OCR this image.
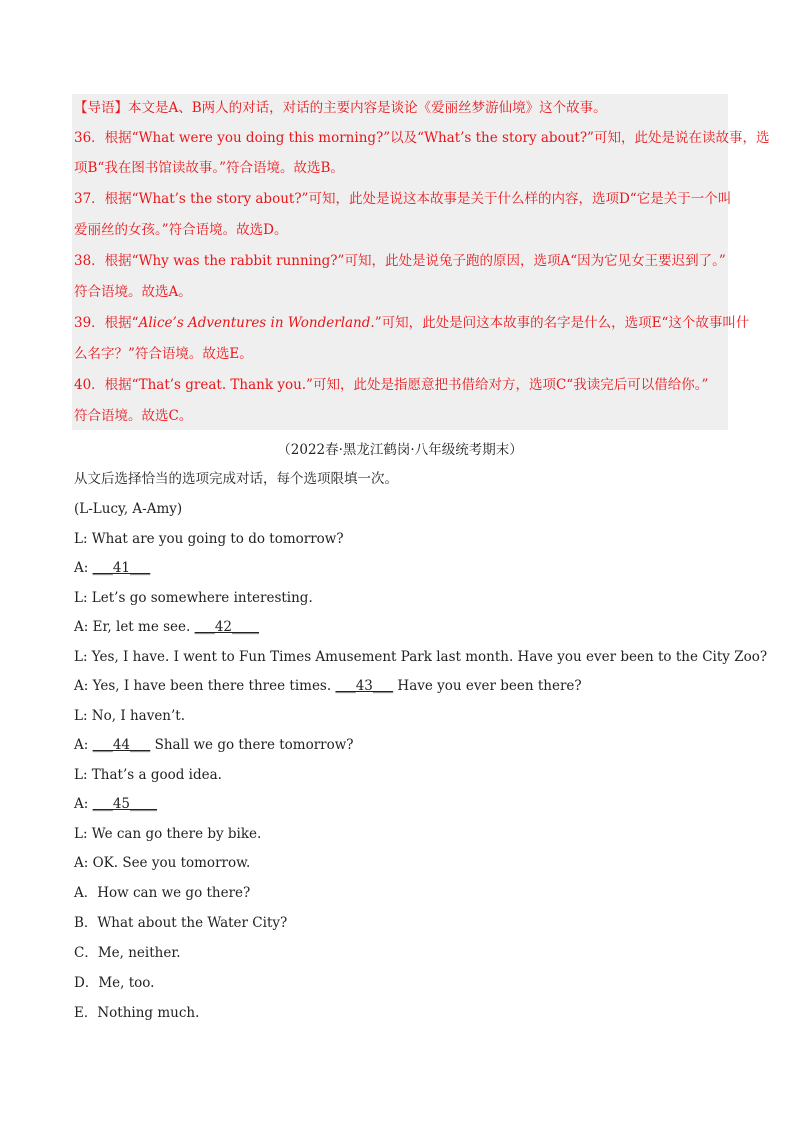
【导语】本文是A、B两人的对话，对话的主要内容是谈论《爱丽丝梦游仙境》这个故事。
36．根据“What were you doing this morning?”以及“What’s the story about?”可知，此处是说在读故事，选
项B“我在图书馆读故事。”符合语境。故选B。
37．根据“What’s the story about?”可知，此处是说这本故事是关于什么样的内容，选项D“它是关于一个叫
爱丽丝的女孩。”符合语境。故选D。
38．根据“Why was the rabbit running?”可知，此处是说兔子跑的原因，选项A“因为它见女王要迟到了。”
符合语境。故选A。
39．根据“Alice’s Adventures in Wonderland.”可知，此处是问这本故事的名字是什么，选项E“这个故事叫什
么名字？”符合语境。故选E。
40．根据“That’s great. Thank you.”可知，此处是指愿意把书借给对方，选项C“我读完后可以借给你。”
符合语境。故选C。
（2022春·黑龙江鹤岗·八年级统考期末）
从文后选择恰当的选项完成对话，每个选项限填一次。
(L-Lucy, A-Amy)
L: What are you going to do tomorrow?
A: ___41___
L: Let’s go somewhere interesting.
A: Er, let me see. ___42____
L: Yes, I have. I went to Fun Times Amusement Park last month. Have you ever been to the City Zoo?
A: Yes, I have been there three times. ___43___ Have you ever been there?
L: No, I haven’t.
A: ___44___ Shall we go there tomorrow?
L: That’s a good idea.
A: ___45____
L: We can go there by bike.
A: OK. See you tomorrow.
A．How can we go there?
B．What about the Water City?
C．Me, neither.
D．Me, too.
E．Nothing much.
